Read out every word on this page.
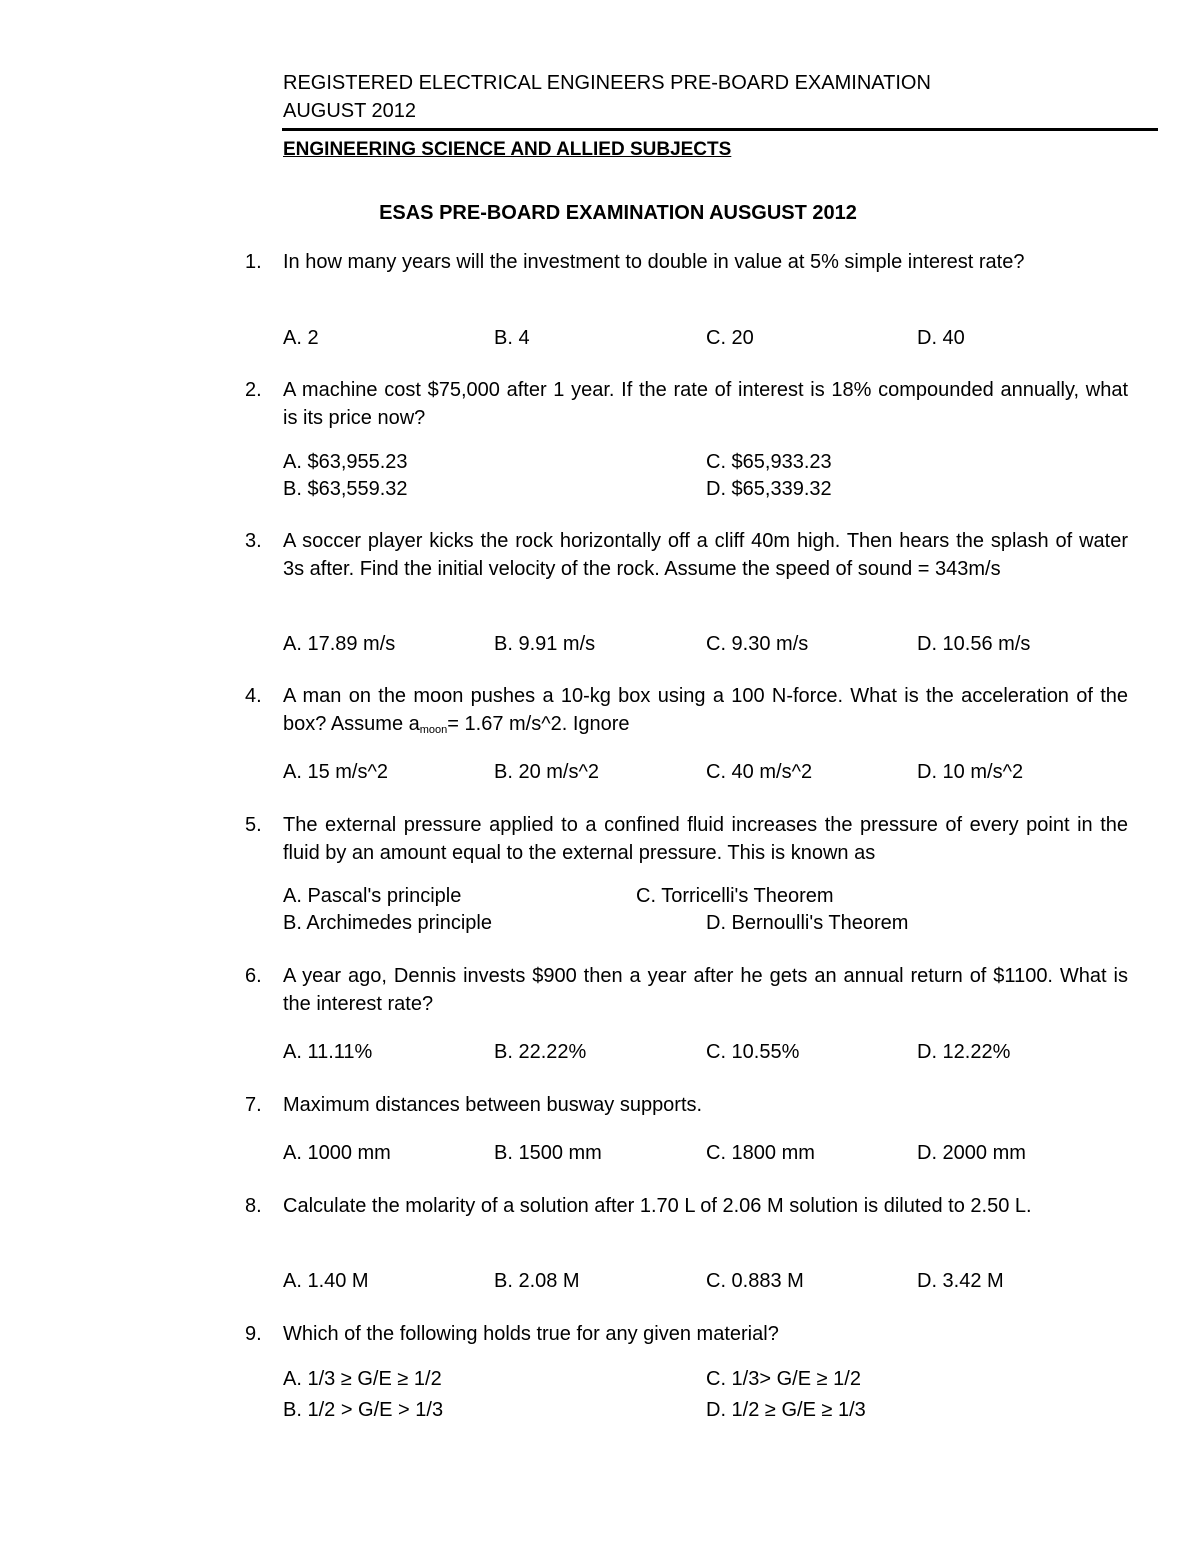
REGISTERED ELECTRICAL ENGINEERS PRE-BOARD EXAMINATION
AUGUST 2012
ENGINEERING SCIENCE AND ALLIED SUBJECTS
ESAS PRE-BOARD EXAMINATION AUSGUST 2012
1. In how many years will the investment to double in value at 5% simple interest rate?
A. 2	B. 4	C. 20	D. 40
2. A machine cost $75,000 after 1 year. If the rate of interest is 18% compounded annually, what is its price now?
A. $63,955.23
B. $63,559.32
C. $65,933.23
D. $65,339.32
3. A soccer player kicks the rock horizontally off a cliff 40m high. Then hears the splash of water 3s after. Find the initial velocity of the rock. Assume the speed of sound = 343m/s
A. 17.89 m/s	B. 9.91 m/s	C. 9.30 m/s	D. 10.56 m/s
4. A man on the moon pushes a 10-kg box using a 100 N-force. What is the acceleration of the box? Assume $a_{moon}= 1.67$ m/s^2. Ignore
A. 15 m/s^2	B. 20 m/s^2	C. 40 m/s^2	D. 10 m/s^2
5. The external pressure applied to a confined fluid increases the pressure of every point in the fluid by an amount equal to the external pressure. This is known as
A. Pascal's principle
B. Archimedes principle
C. Torricelli's Theorem
D. Bernoulli's Theorem
6. A year ago, Dennis invests $900 then a year after he gets an annual return of $1100. What is the interest rate?
A. 11.11%	B. 22.22%	C. 10.55%	D. 12.22%
7. Maximum distances between busway supports.
A. 1000 mm	B. 1500 mm	C. 1800 mm	D. 2000 mm
8. Calculate the molarity of a solution after 1.70 L of 2.06 M solution is diluted to 2.50 L.
A. 1.40 M	B. 2.08 M	C. 0.883 M	D. 3.42 M
9. Which of the following holds true for any given material?
A. 1/3 ≥ G/E ≥ 1/2
B. 1/2 > G/E > 1/3
C. 1/3> G/E ≥ 1/2
D. 1/2 ≥ G/E ≥ 1/3
